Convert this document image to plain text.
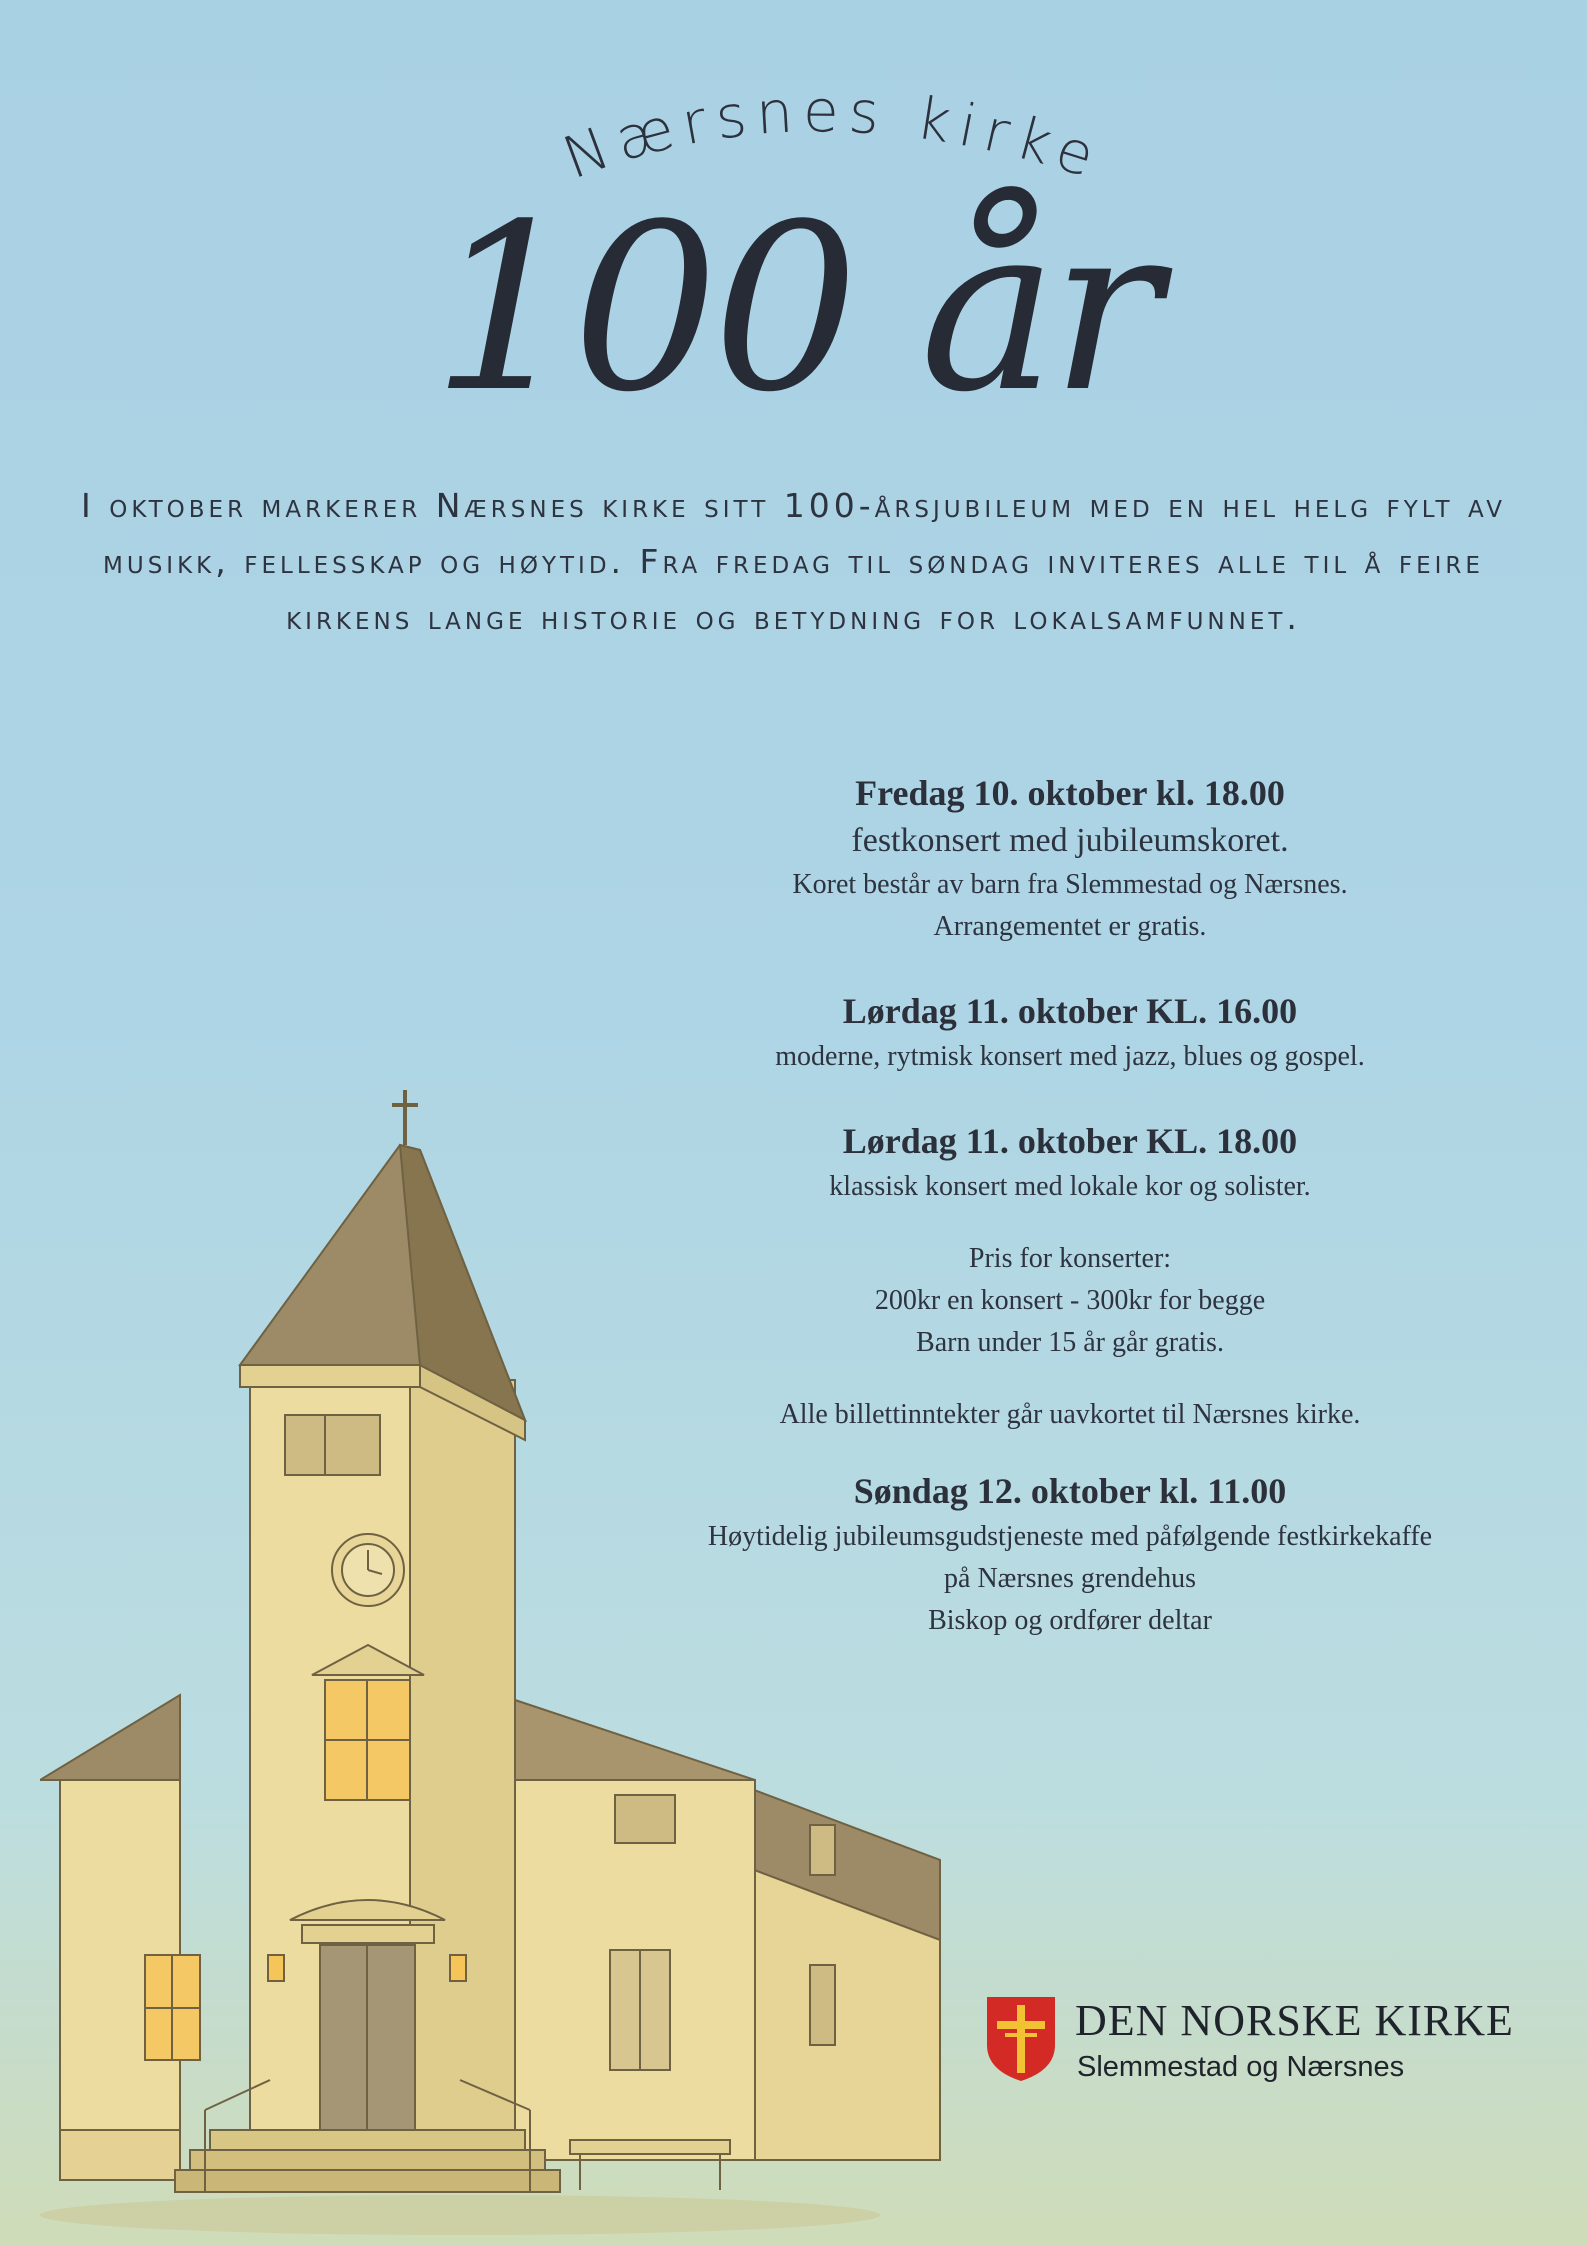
Nærsnes kirke
100 år
I oktober markerer Nærsnes kirke sitt 100-årsjubileum med en hel helg fylt av musikk, fellesskap og høytid. Fra fredag til søndag inviteres alle til å feire kirkens lange historie og betydning for lokalsamfunnet.

Fredag 10. oktober kl. 18.00

festkonsert med jubileumskoret.

Koret består av barn fra Slemmestad og Nærsnes.

Arrangementet er gratis.

Lørdag 11. oktober KL. 16.00

moderne, rytmisk konsert med jazz, blues og gospel.

Lørdag 11. oktober KL. 18.00

klassisk konsert med lokale kor og solister.

Pris for konserter:

200kr en konsert - 300kr for begge

Barn under 15 år går gratis.

Alle billettinntekter går uavkortet til Nærsnes kirke.

Søndag 12. oktober kl. 11.00

Høytidelig jubileumsgudstjeneste med påfølgende festkirkekaffe

på Nærsnes grendehus

Biskop og ordfører deltar

DEN NORSKE KIRKE
Slemmestad og Nærsnes
